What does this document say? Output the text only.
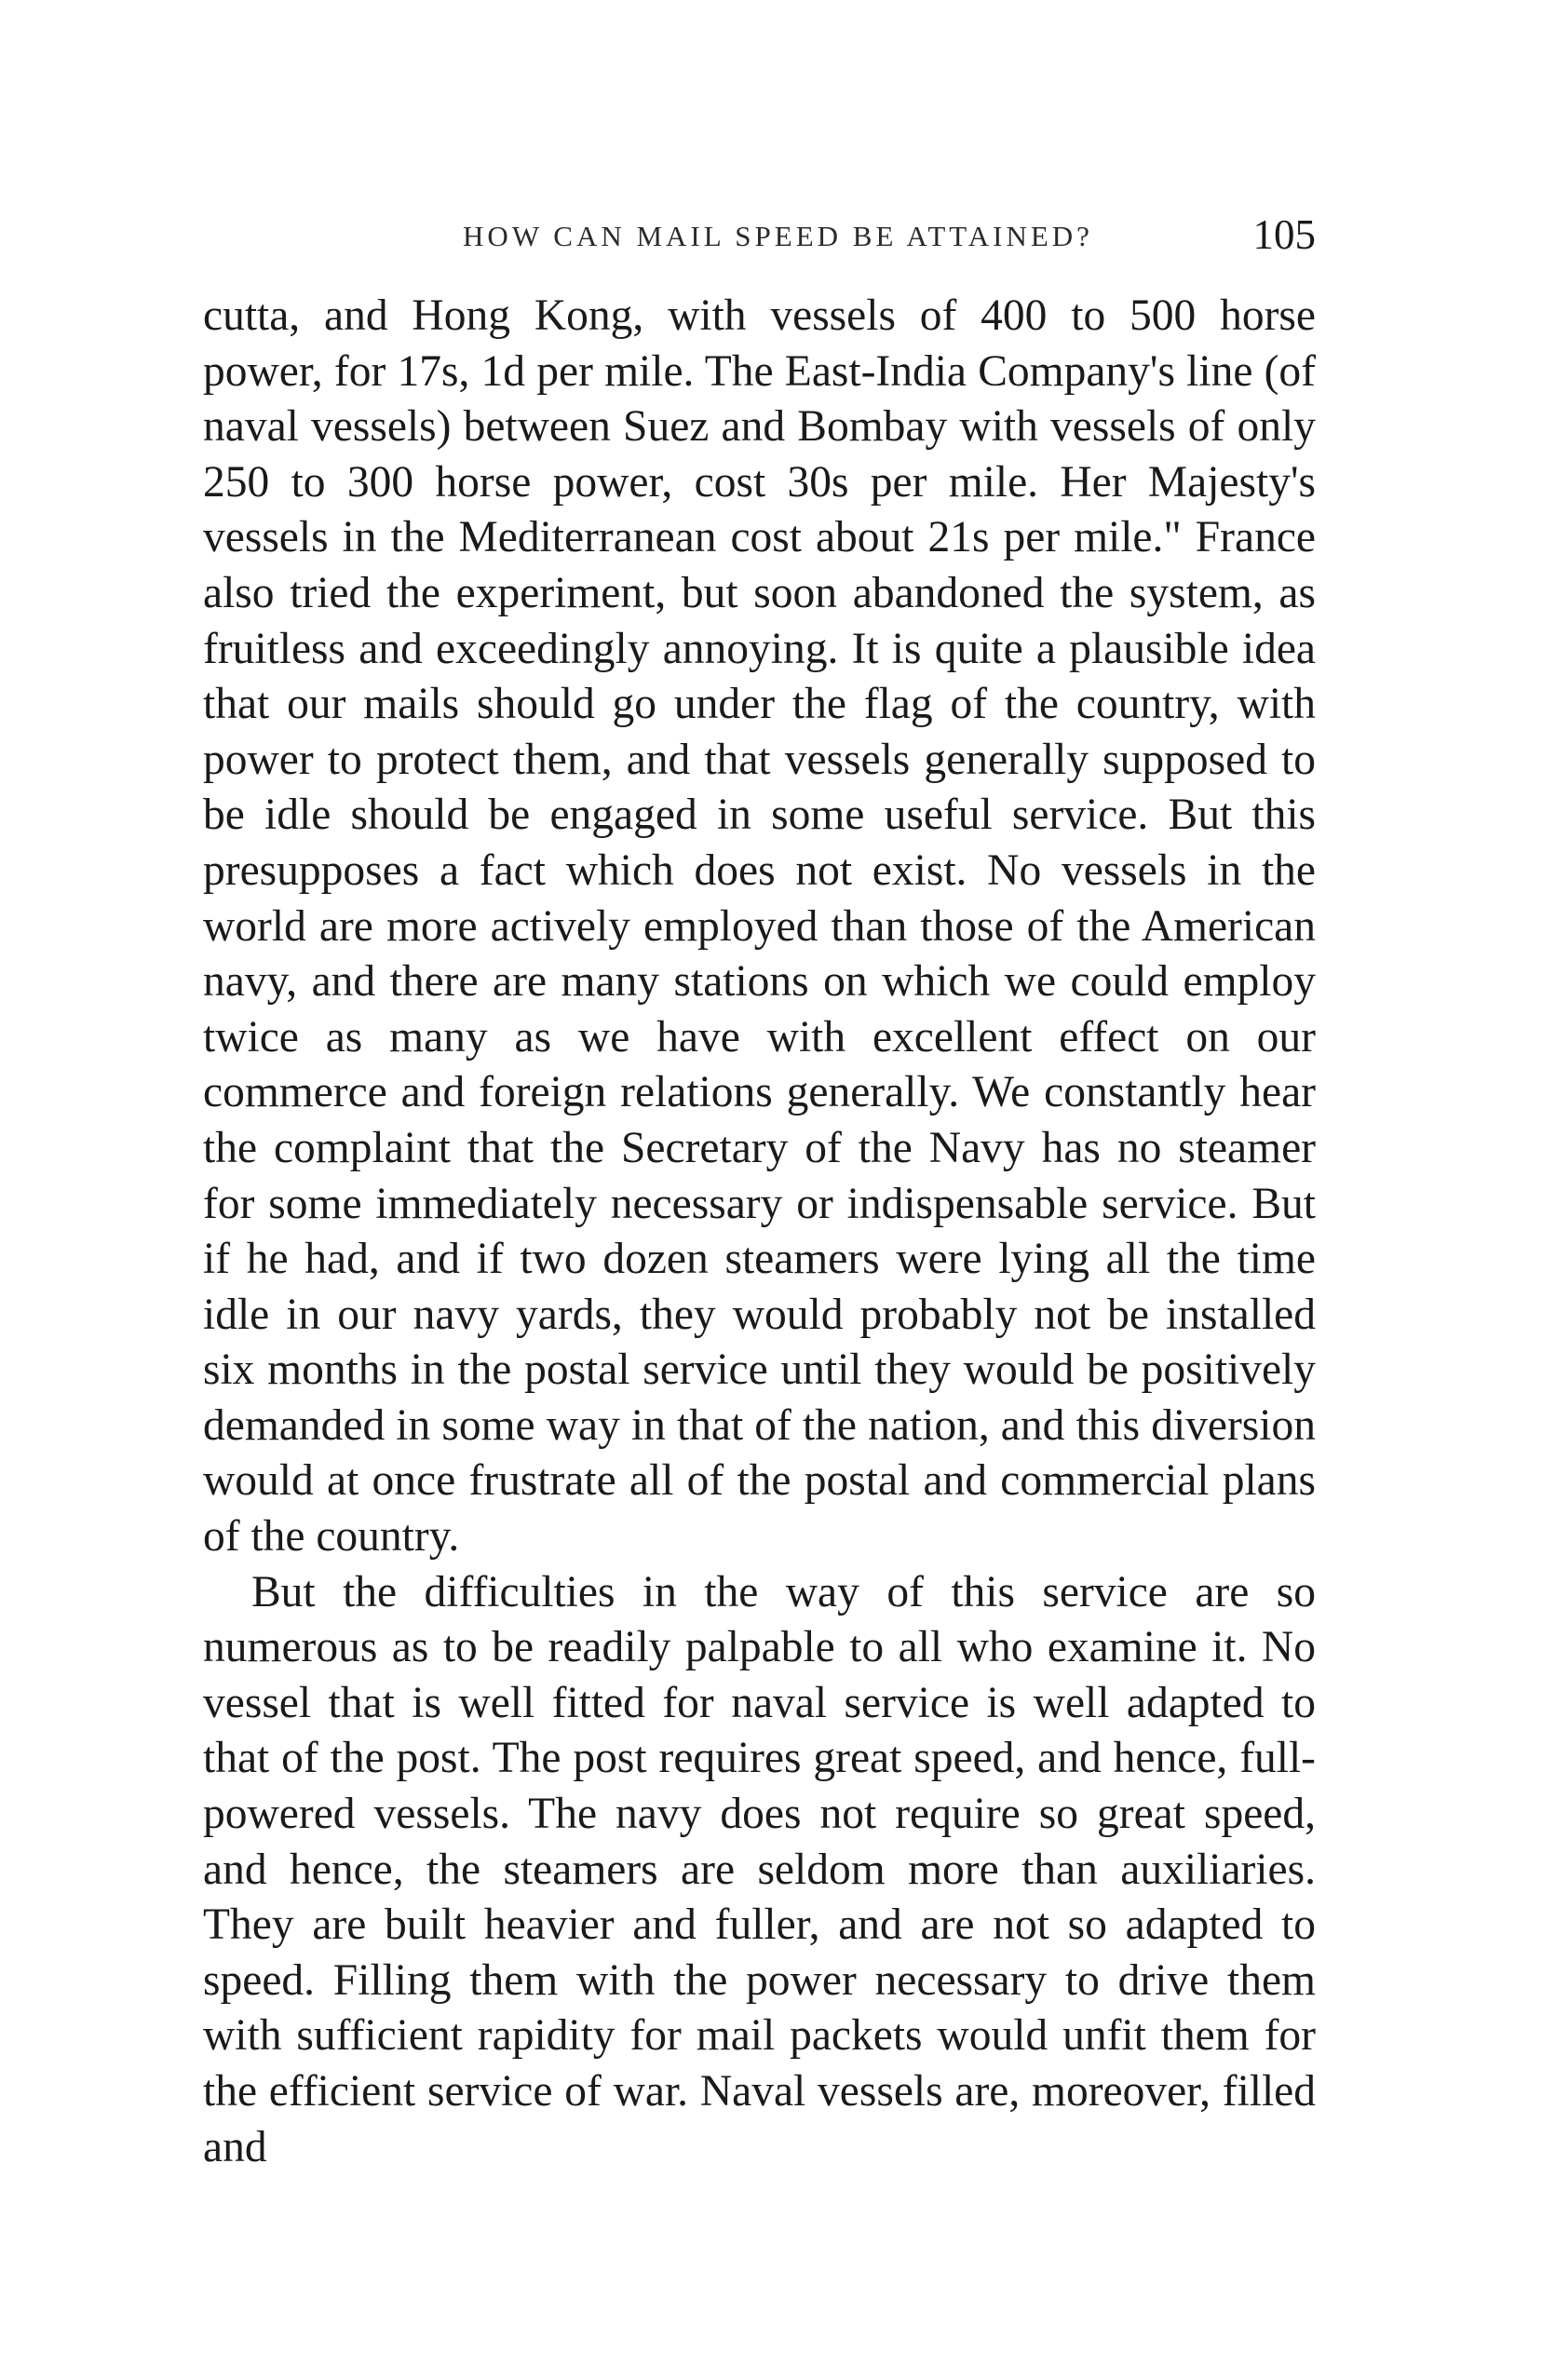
HOW CAN MAIL SPEED BE ATTAINED?	105

cutta, and Hong Kong, with vessels of 400 to 500 horse power, for 17s, 1d per mile. The East-India Company's line (of naval vessels) between Suez and Bombay with vessels of only 250 to 300 horse power, cost 30s per mile. Her Majesty's vessels in the Mediterranean cost about 21s per mile." France also tried the experiment, but soon abandoned the system, as fruitless and exceedingly annoying. It is quite a plausible idea that our mails should go under the flag of the country, with power to protect them, and that vessels generally supposed to be idle should be engaged in some useful service. But this presupposes a fact which does not exist. No vessels in the world are more actively employed than those of the American navy, and there are many stations on which we could employ twice as many as we have with excellent effect on our commerce and foreign relations generally. We constantly hear the complaint that the Secretary of the Navy has no steamer for some immediately necessary or indispensable service. But if he had, and if two dozen steamers were lying all the time idle in our navy yards, they would probably not be installed six months in the postal service until they would be positively demanded in some way in that of the nation, and this diversion would at once frustrate all of the postal and commercial plans of the country.

But the difficulties in the way of this service are so numerous as to be readily palpable to all who examine it. No vessel that is well fitted for naval service is well adapted to that of the post. The post requires great speed, and hence, full-powered vessels. The navy does not require so great speed, and hence, the steamers are seldom more than auxiliaries. They are built heavier and fuller, and are not so adapted to speed. Filling them with the power necessary to drive them with sufficient rapidity for mail packets would unfit them for the efficient service of war. Naval vessels are, moreover, filled and
